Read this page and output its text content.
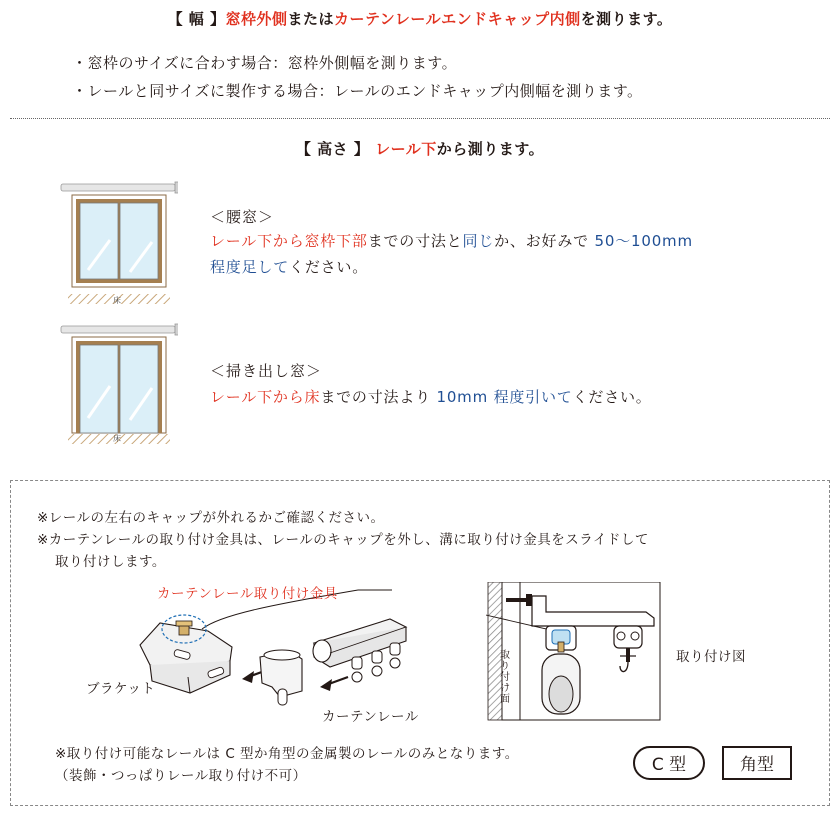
【 幅 】窓枠外側またはカーテンレールエンドキャップ内側を測ります。
・窓枠のサイズに合わす場合：窓枠外側幅を測ります。
・レールと同サイズに製作する場合：レールのエンドキャップ内側幅を測ります。
【 高さ 】 レール下から測ります。
床
＜腰窓＞
レール下から窓枠下部までの寸法と同じか、お好みで 50〜100mm
程度足してください。
床
＜掃き出し窓＞
レール下から床までの寸法より 10mm 程度引いてください。
※レールの左右のキャップが外れるかご確認ください。
※カーテンレールの取り付け金具は、レールのキャップを外し、溝に取り付け金具をスライドして
取り付けします。
カーテンレール取り付け金具
ブラケット
カーテンレール
取り付け面
取り付け図
※取り付け可能なレールは C 型か角型の金属製のレールのみとなります。
（装飾・つっぱりレール取り付け不可）
C 型	角型
